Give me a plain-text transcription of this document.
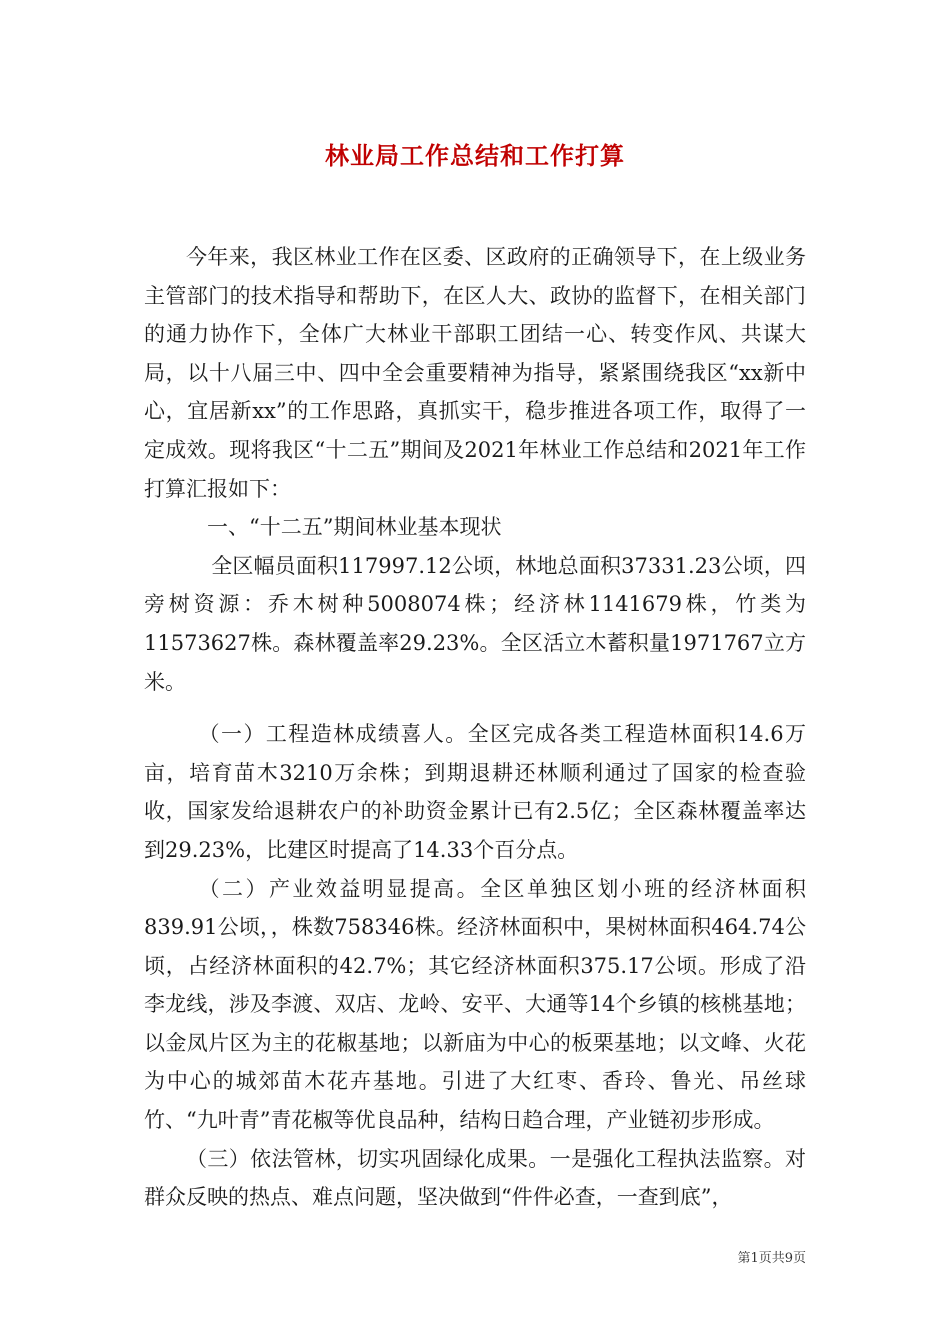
林业局工作总结和工作打算

今年来，我区林业工作在区委、区政府的正确领导下，在上级业务主管部门的技术指导和帮助下，在区人大、政协的监督下，在相关部门的通力协作下，全体广大林业干部职工团结一心、转变作风、共谋大局，以十八届三中、四中全会重要精神为指导，紧紧围绕我区“xx新中心，宜居新xx”的工作思路，真抓实干，稳步推进各项工作，取得了一定成效。现将我区“十二五”期间及2021年林业工作总结和2021年工作打算汇报如下：

一、“十二五”期间林业基本现状

全区幅员面积117997.12公顷，林地总面积37331.23公顷，四旁树资源：乔木树种5008074株；经济林1141679株，竹类为11573627株。森林覆盖率29.23%。全区活立木蓄积量1971767立方米。

（一）工程造林成绩喜人。全区完成各类工程造林面积14.6万亩，培育苗木3210万余株；到期退耕还林顺利通过了国家的检查验收，国家发给退耕农户的补助资金累计已有2.5亿；全区森林覆盖率达到29.23%，比建区时提高了14.33个百分点。

（二）产业效益明显提高。全区单独区划小班的经济林面积839.91公顷，，株数758346株。经济林面积中，果树林面积464.74公顷，占经济林面积的42.7%；其它经济林面积375.17公顷。形成了沿李龙线，涉及李渡、双店、龙岭、安平、大通等14个乡镇的核桃基地；以金凤片区为主的花椒基地；以新庙为中心的板栗基地；以文峰、火花为中心的城郊苗木花卉基地。引进了大红枣、香玲、鲁光、吊丝球竹、“九叶青”青花椒等优良品种，结构日趋合理，产业链初步形成。

（三）依法管林，切实巩固绿化成果。一是强化工程执法监察。对群众反映的热点、难点问题，坚决做到“件件必查，一查到底”，

第1页共9页
